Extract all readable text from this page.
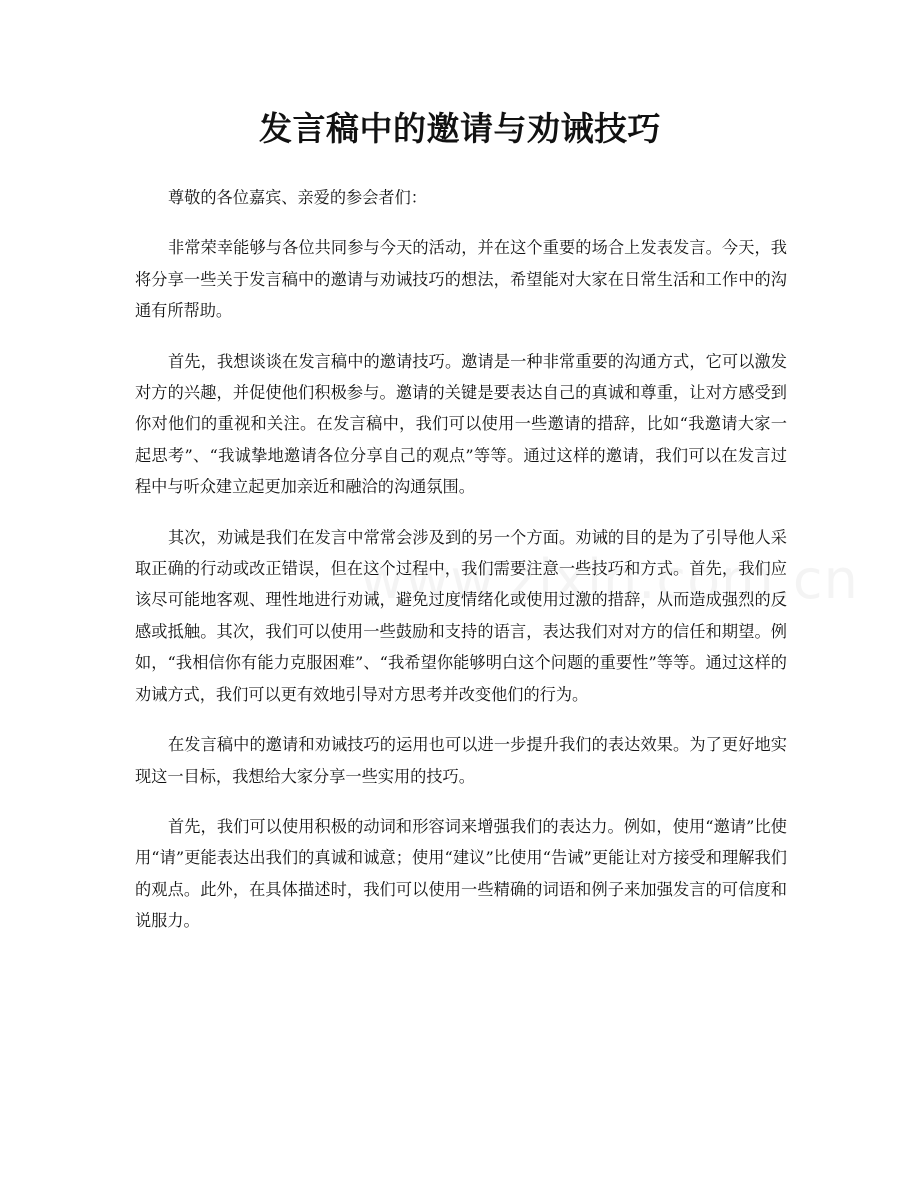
发言稿中的邀请与劝诫技巧

尊敬的各位嘉宾、亲爱的参会者们：

非常荣幸能够与各位共同参与今天的活动，并在这个重要的场合上发表发言。今天，我将分享一些关于发言稿中的邀请与劝诫技巧的想法，希望能对大家在日常生活和工作中的沟通有所帮助。

首先，我想谈谈在发言稿中的邀请技巧。邀请是一种非常重要的沟通方式，它可以激发对方的兴趣，并促使他们积极参与。邀请的关键是要表达自己的真诚和尊重，让对方感受到你对他们的重视和关注。在发言稿中，我们可以使用一些邀请的措辞，比如“我邀请大家一起思考”、“我诚挚地邀请各位分享自己的观点”等等。通过这样的邀请，我们可以在发言过程中与听众建立起更加亲近和融洽的沟通氛围。

其次，劝诫是我们在发言中常常会涉及到的另一个方面。劝诫的目的是为了引导他人采取正确的行动或改正错误，但在这个过程中，我们需要注意一些技巧和方式。首先，我们应该尽可能地客观、理性地进行劝诫，避免过度情绪化或使用过激的措辞，从而造成强烈的反感或抵触。其次，我们可以使用一些鼓励和支持的语言，表达我们对对方的信任和期望。例如，“我相信你有能力克服困难”、“我希望你能够明白这个问题的重要性”等等。通过这样的劝诫方式，我们可以更有效地引导对方思考并改变他们的行为。

在发言稿中的邀请和劝诫技巧的运用也可以进一步提升我们的表达效果。为了更好地实现这一目标，我想给大家分享一些实用的技巧。

首先，我们可以使用积极的动词和形容词来增强我们的表达力。例如，使用“邀请”比使用“请”更能表达出我们的真诚和诚意；使用“建议”比使用“告诫”更能让对方接受和理解我们的观点。此外，在具体描述时，我们可以使用一些精确的词语和例子来加强发言的可信度和说服力。
